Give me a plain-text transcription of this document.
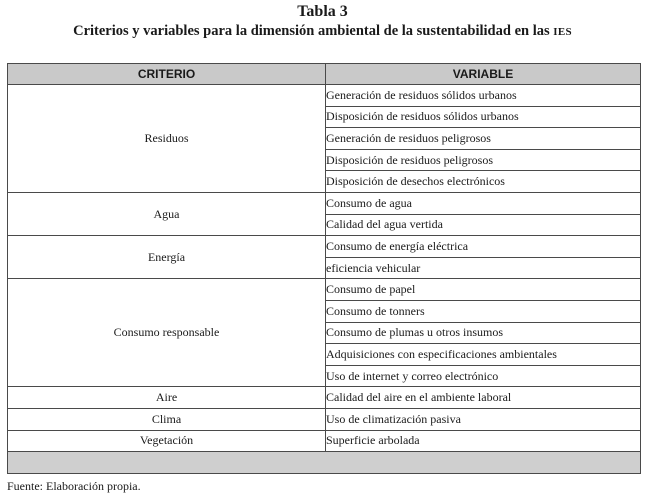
Tabla 3
Criterios y variables para la dimensión ambiental de la sustentabilidad en las IES
CRITERIO	VARIABLE
Residuos	Generación de residuos sólidos urbanos
	Disposición de residuos sólidos urbanos
	Generación de residuos peligrosos
	Disposición de residuos peligrosos
	Disposición de desechos electrónicos
Agua	Consumo de agua
	Calidad del agua vertida
Energía	Consumo de energía eléctrica
	eficiencia vehicular
Consumo responsable	Consumo de papel
	Consumo de tonners
	Consumo de plumas u otros insumos
	Adquisiciones con especificaciones ambientales
	Uso de internet y correo electrónico
Aire	Calidad del aire en el ambiente laboral
Clima	Uso de climatización pasiva
Vegetación	Superficie arbolada

Fuente: Elaboración propia.
